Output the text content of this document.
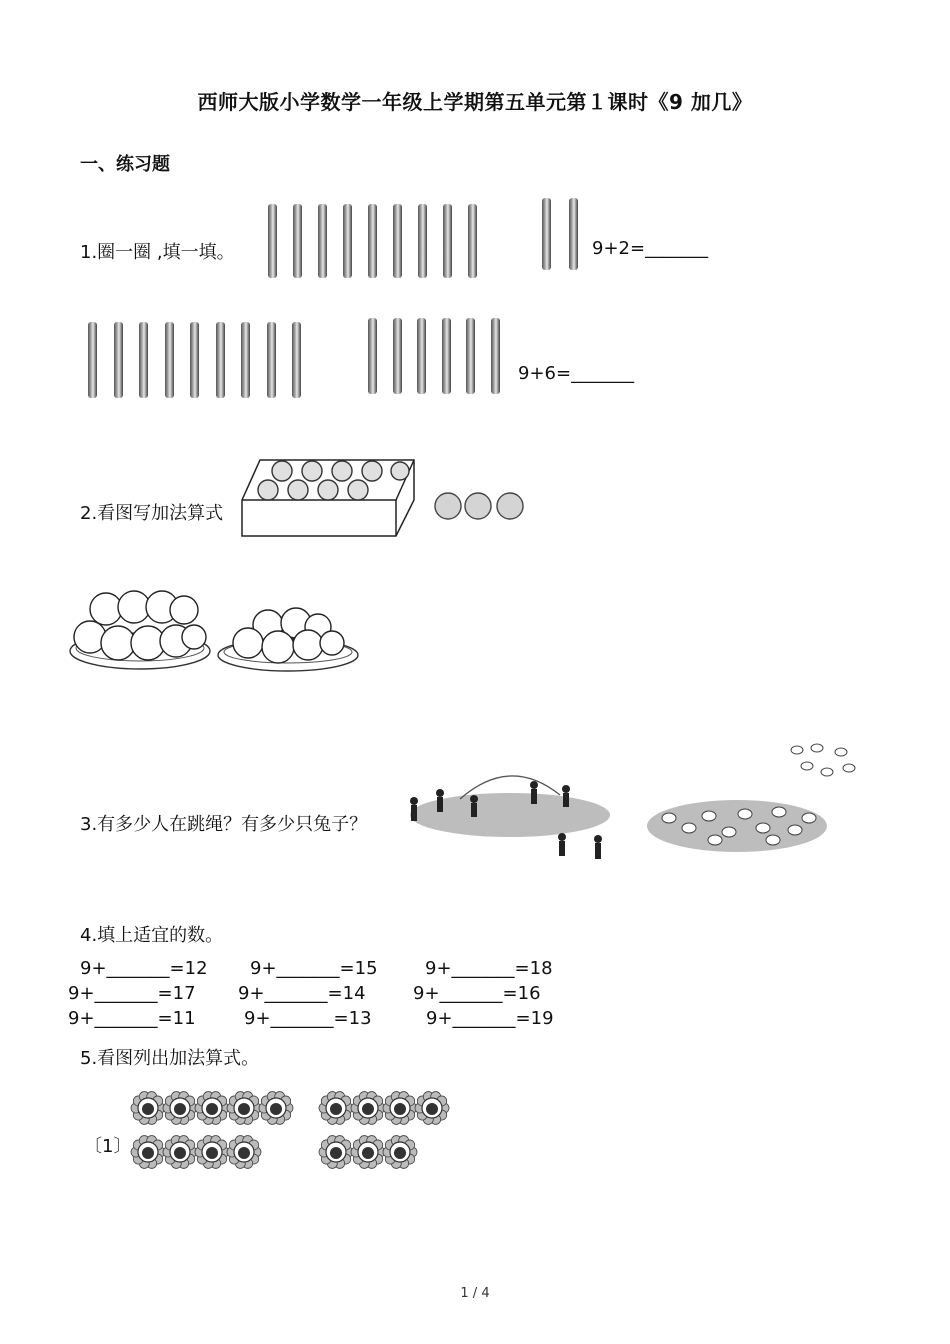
西师大版小学数学一年级上学期第五单元第１课时《9 加几》
一、练习题
1.圈一圈 ,填一填。	9+2=_______
9+6=_______
2.看图写加法算式
3.有多少人在跳绳？有多少只兔子？
4.填上适宜的数。
9+_______=12 9+_______=15	9+_______=18
9+_______=17 9+_______=14	9+_______=16
9+_______=11	9+_______=13	9+_______=19
5.看图列出加法算式。
〔1〕
1 / 4
